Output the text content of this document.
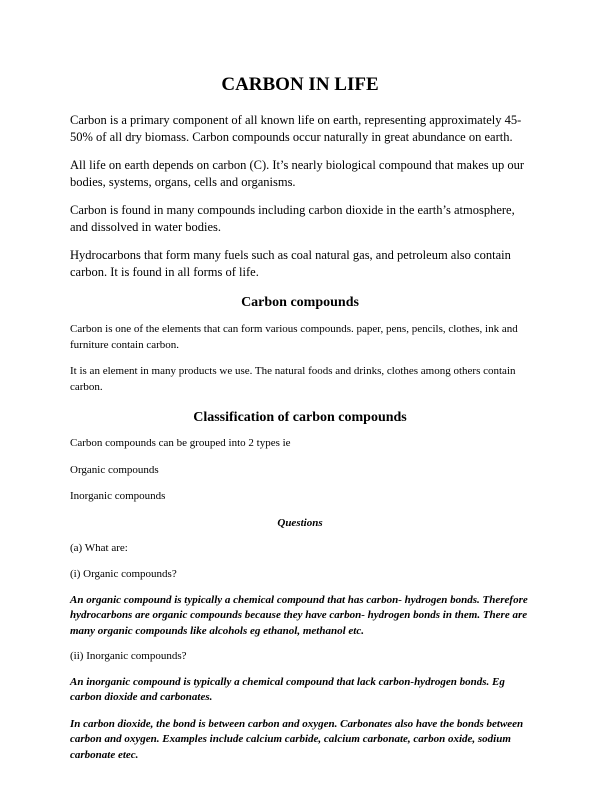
CARBON IN LIFE

Carbon is a primary component of all known life on earth, representing approximately 45-50% of all dry biomass. Carbon compounds occur naturally in great abundance on earth.

All life on earth depends on carbon (C). It’s nearly biological compound that makes up our bodies, systems, organs, cells and organisms.

Carbon is found in many compounds including carbon dioxide in the earth’s atmosphere, and dissolved in water bodies.

Hydrocarbons that form many fuels such as coal natural gas, and petroleum also contain carbon. It is found in all forms of life.

Carbon compounds

Carbon is one of the elements that can form various compounds. paper, pens, pencils, clothes, ink and furniture contain carbon.

It is an element in many products we use. The natural foods and drinks, clothes among others contain carbon.

Classification of carbon compounds

Carbon compounds can be grouped into 2 types ie

Organic compounds

Inorganic compounds

Questions

(a) What are:

(i) Organic compounds?

An organic compound is typically a chemical compound that has carbon- hydrogen bonds. Therefore hydrocarbons are organic compounds because they have carbon- hydrogen bonds in them. There are many organic compounds like alcohols eg ethanol, methanol etc.

(ii) Inorganic compounds?

An inorganic compound is typically a chemical compound that lack carbon-hydrogen bonds. Eg carbon dioxide and carbonates.

In carbon dioxide, the bond is between carbon and oxygen. Carbonates also have the bonds between carbon and oxygen. Examples include calcium carbide, calcium carbonate, carbon oxide, sodium carbonate etec.
